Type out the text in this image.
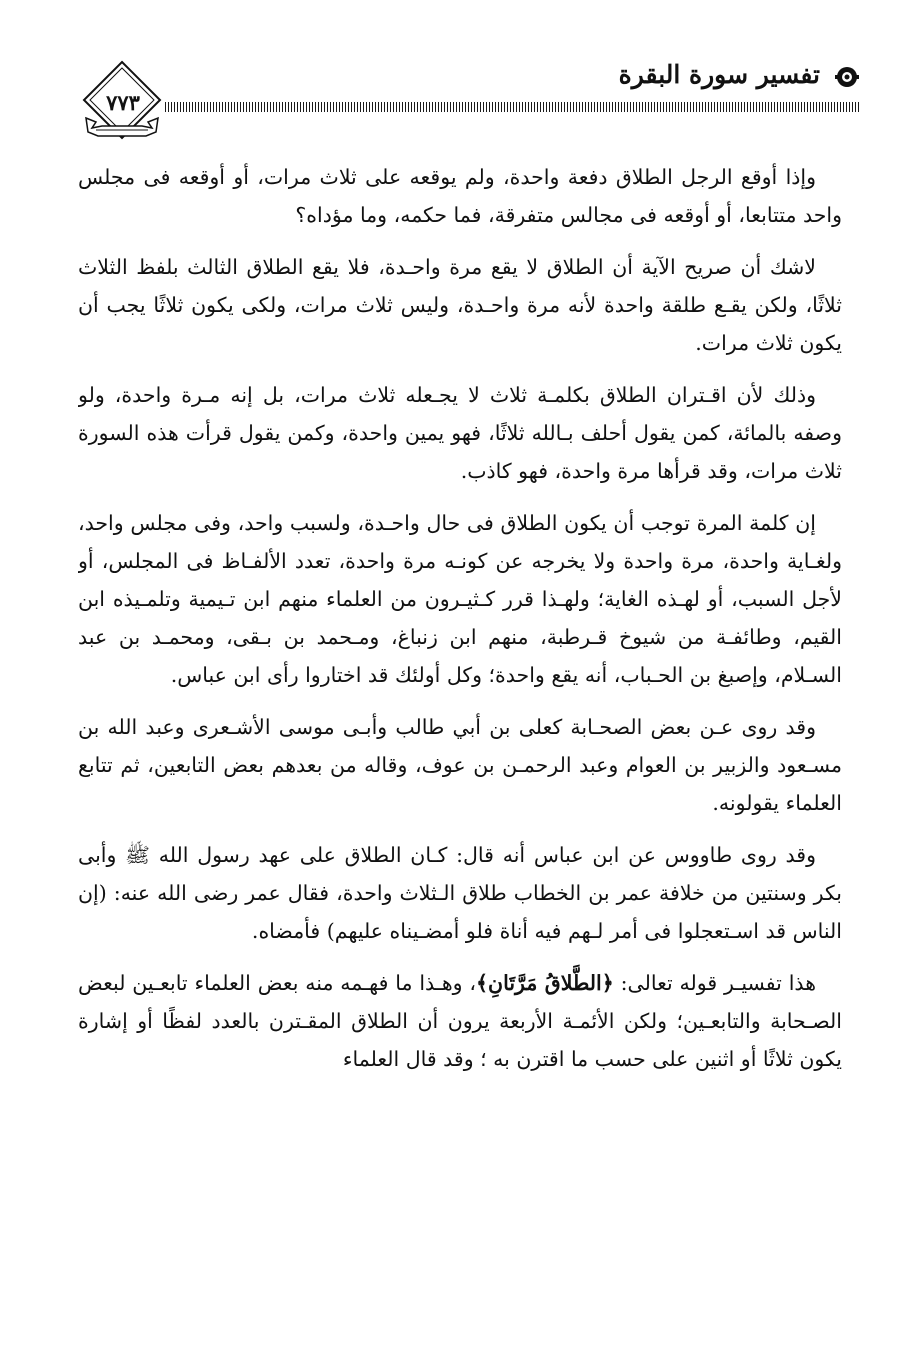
تفسير سورة البقرة
٧٧٣

وإذا أوقع الرجل الطلاق دفعة واحدة، ولم يوقعه على ثلاث مرات، أو أوقعه فى مجلس واحد متتابعا، أو أوقعه فى مجالس متفرقة، فما حكمه، وما مؤداه؟

لاشك أن صريح الآية أن الطلاق لا يقع مرة واحـدة، فلا يقع الطلاق الثالث بلفظ الثلاث ثلاثًا، ولكن يقـع طلقة واحدة لأنه مرة واحـدة، وليس ثلاث مرات، ولكى يكون ثلاثًا يجب أن يكون ثلاث مرات.

وذلك لأن اقـتران الطلاق بكلمـة ثلاث لا يجـعله ثلاث مرات، بل إنه مـرة واحدة، ولو وصفه بالمائة، كمن يقول أحلف بـالله ثلاثًا، فهو يمين واحدة، وكمن يقول قرأت هذه السورة ثلاث مرات، وقد قرأها مرة واحدة، فهو كاذب.

إن كلمة المرة توجب أن يكون الطلاق فى حال واحـدة، ولسبب واحد، وفى مجلس واحد، ولغـاية واحدة، مرة واحدة ولا يخرجه عن كونـه مرة واحدة، تعدد الألفـاظ فى المجلس، أو لأجل السبب، أو لهـذه الغاية؛ ولهـذا قرر كـثيـرون من العلماء منهم ابن تـيمية وتلمـيذه ابن القيم، وطائفـة من شيوخ قـرطبة، منهم ابن زنباغ، ومـحمد بن بـقى، ومحمـد بن عبد السـلام، وإصبغ بن الحـباب، أنه يقع واحدة؛ وكل أولئك قد اختاروا رأى ابن عباس.

وقد روى عـن بعض الصحـابة كعلى بن أبي طالب وأبـى موسى الأشـعرى وعبد الله بن مسـعود والزبير بن العوام وعبد الرحمـن بن عوف، وقاله من بعدهم بعض التابعين، ثم تتابع العلماء يقولونه.

وقد روى طاووس عن ابن عباس أنه قال: كـان الطلاق على عهد رسول الله ﷺ وأبى بكر وسنتين من خلافة عمر بن الخطاب طلاق الـثلاث واحدة، فقال عمر رضى الله عنه: (إن الناس قد اسـتعجلوا فى أمر لـهم فيه أناة فلو أمضـيناه عليهم) فأمضاه.

هذا تفسيـر قوله تعالى: ﴿الطَّلاقُ مَرَّتَانِ﴾، وهـذا ما فهـمه منه بعض العلماء تابعـين لبعض الصـحابة والتابعـين؛ ولكن الأئمـة الأربعة يرون أن الطلاق المقـترن بالعدد لفظًا أو إشارة يكون ثلاثًا أو اثنين على حسب ما اقترن به ؛ وقد قال العلماء
